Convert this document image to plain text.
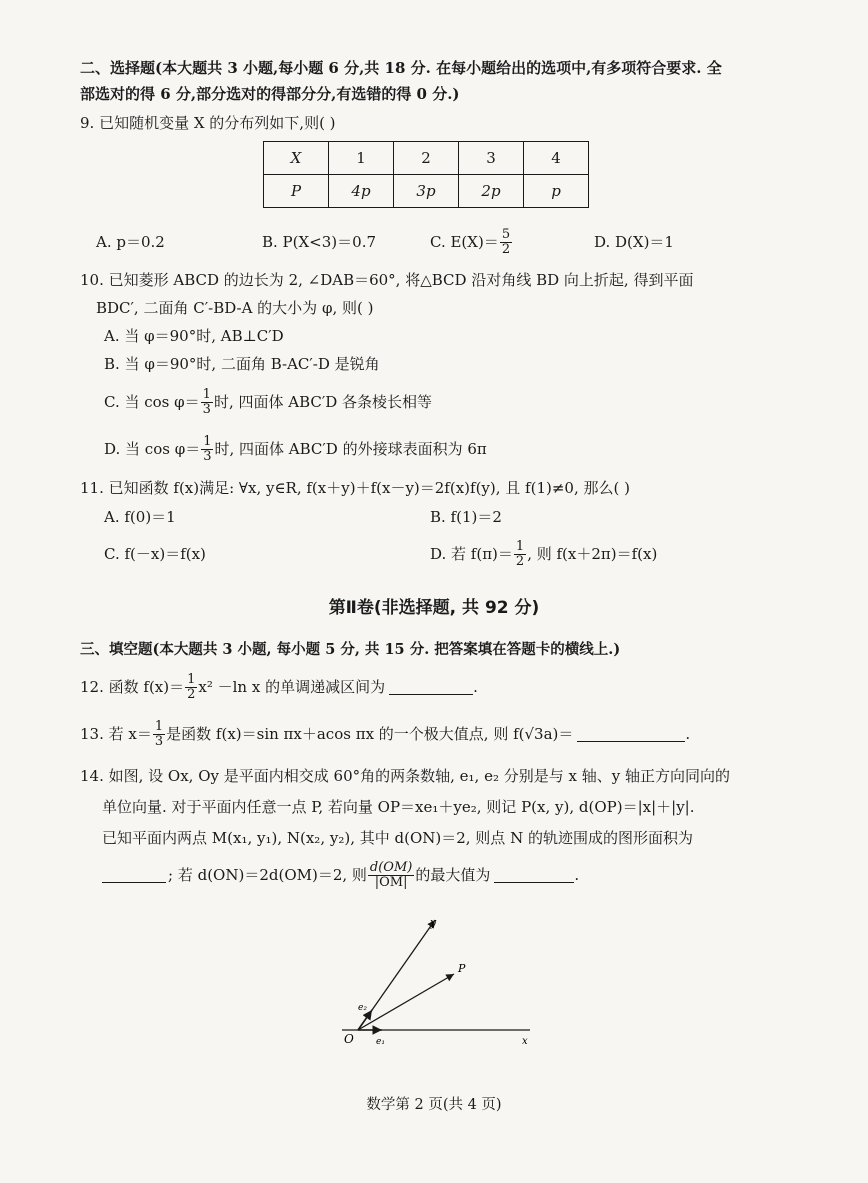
二、选择题(本大题共 3 小题,每小题 6 分,共 18 分. 在每小题给出的选项中,有多项符合要求. 全
部选对的得 6 分,部分选对的得部分分,有选错的得 0 分.)
9. 已知随机变量 X 的分布列如下,则( )
X	1	2	3	4
P	4p	3p	2p	p
A. p＝0.2	B. P(X<3)＝0.7	C. $E(X)= \frac{5}{2}$	D. D(X)＝1
10. 已知菱形 ABCD 的边长为 2, ∠DAB＝60°, 将△BCD 沿对角线 BD 向上折起, 得到平面
BDC′, 二面角 C′-BD-A 的大小为 φ, 则( )
A. 当 φ＝90°时, AB⊥C′D
B. 当 φ＝90°时, 二面角 B-AC′-D 是锐角
C. 当 $\cos \varphi= \frac{1}{3}$ 时, 四面体 ABC′D 各条棱长相等
D. 当 $\cos \varphi= \frac{1}{3}$ 时, 四面体 ABC′D 的外接球表面积为 6π
11. 已知函数 f(x)满足: ∀x, y∈R, f(x＋y)＋f(x－y)＝2f(x)f(y), 且 f(1)≠0, 那么( )
A. f(0)＝1	B. f(1)＝2
C. f(－x)＝f(x)	D. 若 $f(\pi)= \frac{1}{2}$ , 则 f(x＋2π)＝f(x)
第Ⅱ卷(非选择题, 共 92 分)
三、填空题(本大题共 3 小题, 每小题 5 分, 共 15 分. 把答案填在答题卡的横线上.)
12. 函数 $f(x)= \frac{1}{2} x^2 -\ln$ x 的单调递减区间为	.
13. 若 $x= \frac{1}{3}$ 是函数 f(x)＝sin πx＋acos πx 的一个极大值点, 则 f(√3a)＝	.
14. 如图, 设 Ox, Oy 是平面内相交成 60°角的两条数轴, e₁, e₂ 分别是与 x 轴、y 轴正方向同向的
单位向量. 对于平面内任意一点 P, 若向量 OP＝xe₁＋ye₂, 则记 P(x, y), d(OP)＝|x|＋|y|.
已知平面内两点 M(x₁, y₁), N(x₂, y₂), 其中 d(ON)＝2, 则点 N 的轨迹围成的图形面积为
; 若 d(ON)＝2d(OM)＝2, 则 $\frac{d(OM)}{|OM|}$ 的最大值为	.
y
P
x
O e₁
e₂
数学第 2 页(共 4 页)
